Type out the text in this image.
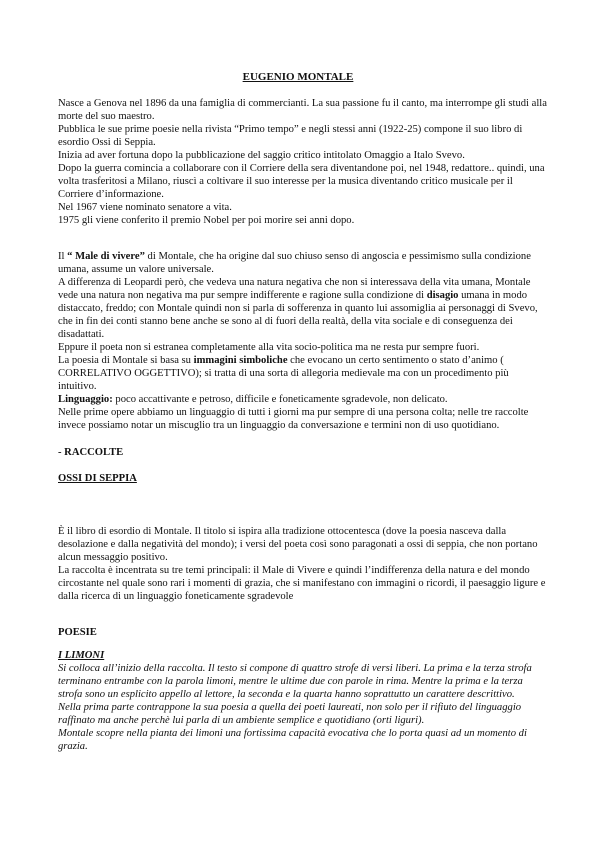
EUGENIO MONTALE

Nasce a Genova nel 1896 da una famiglia di commercianti. La sua passione fu il canto, ma interrompe gli studi alla morte del suo maestro.

Pubblica le sue prime poesie nella rivista “Primo tempo” e negli stessi anni (1922-25) compone il suo libro di esordio Ossi di Seppia.

Inizia ad aver fortuna dopo la pubblicazione del saggio critico intitolato Omaggio a Italo Svevo.

Dopo la guerra comincia a collaborare con il Corriere della sera diventandone poi, nel 1948, redattore.. quindi, una volta trasferitosi a Milano, riuscì a coltivare il suo interesse per la musica diventando critico musicale per il Corriere d’informazione.

Nel 1967 viene nominato senatore a vita.

1975 gli viene conferito il premio Nobel per poi morire sei anni dopo.

Il “ Male di vivere” di Montale, che ha origine dal suo chiuso senso di angoscia e pessimismo sulla condizione umana, assume un valore universale.

A differenza di Leopardi però, che vedeva una natura negativa che non si interessava della vita umana, Montale vede una natura non negativa ma pur sempre indifferente e ragione sulla condizione di disagio umana in modo distaccato, freddo; con Montale quindi non si parla di sofferenza in quanto lui assomiglia ai personaggi di Svevo, che in fin dei conti stanno bene anche se sono al di fuori della realtà, della vita sociale e di conseguenza dei disadattati.

Eppure il poeta non si estranea completamente alla vita socio-politica ma ne resta pur sempre fuori.

La poesia di Montale si basa su immagini simboliche che evocano un certo sentimento o stato d’animo ( CORRELATIVO OGGETTIVO); si tratta di una sorta di allegoria medievale ma con un procedimento più intuitivo.

Linguaggio: poco accattivante e petroso, difficile e foneticamente sgradevole, non delicato.

Nelle prime opere abbiamo un linguaggio di tutti i giorni ma pur sempre di una persona colta; nelle tre raccolte invece possiamo notar un miscuglio tra un linguaggio da conversazione e termini non di uso quotidiano.

- RACCOLTE
OSSI DI SEPPIA

È il libro di esordio di Montale. Il titolo si ispira alla tradizione ottocentesca (dove la poesia nasceva dalla desolazione e dalla negatività del mondo); i versi del poeta così sono paragonati a ossi di seppia, che non portano alcun messaggio positivo.

La raccolta è incentrata su tre temi principali: il Male di Vivere e quindi l’indifferenza della natura e del mondo circostante nel quale sono rari i momenti di grazia, che si manifestano con immagini o ricordi, il paesaggio ligure e dalla ricerca di un linguaggio foneticamente sgradevole

POESIE

I LIMONI

Si colloca all’inizio della raccolta. Il testo si compone di quattro strofe di versi liberi. La prima e la terza strofa terminano entrambe con la parola limoni, mentre le ultime due con parole in rima. Mentre la prima e la terza strofa sono un esplicito appello al lettore, la seconda e la quarta hanno soprattutto un carattere descrittivo.

Nella prima parte contrappone la sua poesia a quella dei poeti laureati, non solo per il rifiuto del linguaggio raffinato ma anche perchè lui parla di un ambiente semplice e quotidiano (orti liguri).

Montale scopre nella pianta dei limoni una fortissima capacità evocativa che lo porta quasi ad un momento di grazia.
